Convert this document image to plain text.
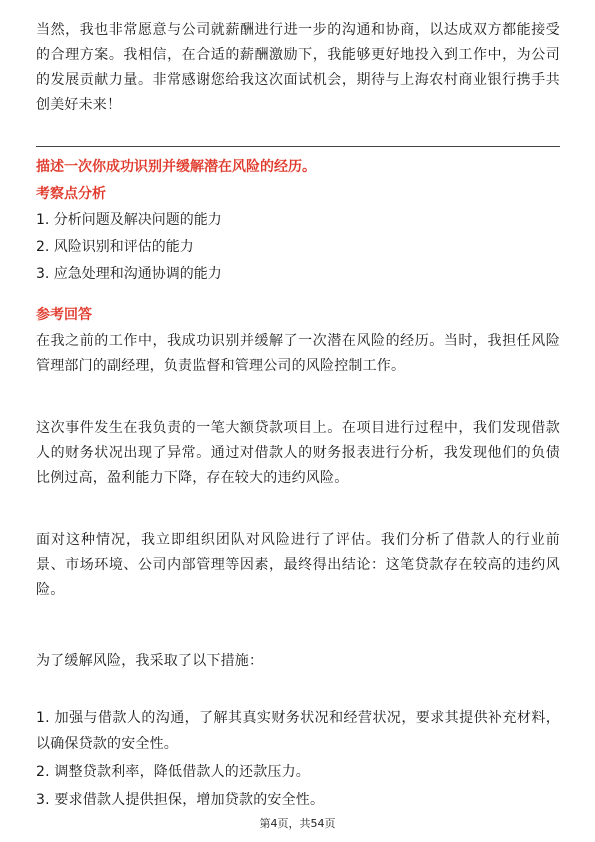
当然，我也非常愿意与公司就薪酬进行进一步的沟通和协商，以达成双方都能接受的合理方案。我相信，在合适的薪酬激励下，我能够更好地投入到工作中，为公司的发展贡献力量。非常感谢您给我这次面试机会，期待与上海农村商业银行携手共创美好未来！

描述一次你成功识别并缓解潜在风险的经历。

考察点分析

1. 分析问题及解决问题的能力

2. 风险识别和评估的能力

3. 应急处理和沟通协调的能力

参考回答

在我之前的工作中，我成功识别并缓解了一次潜在风险的经历。当时，我担任风险管理部门的副经理，负责监督和管理公司的风险控制工作。

这次事件发生在我负责的一笔大额贷款项目上。在项目进行过程中，我们发现借款人的财务状况出现了异常。通过对借款人的财务报表进行分析，我发现他们的负债比例过高，盈利能力下降，存在较大的违约风险。

面对这种情况，我立即组织团队对风险进行了评估。我们分析了借款人的行业前景、市场环境、公司内部管理等因素，最终得出结论：这笔贷款存在较高的违约风险。

为了缓解风险，我采取了以下措施：

1. 加强与借款人的沟通，了解其真实财务状况和经营状况，要求其提供补充材料，以确保贷款的安全性。

2. 调整贷款利率，降低借款人的还款压力。

3. 要求借款人提供担保，增加贷款的安全性。

第4页，共54页
